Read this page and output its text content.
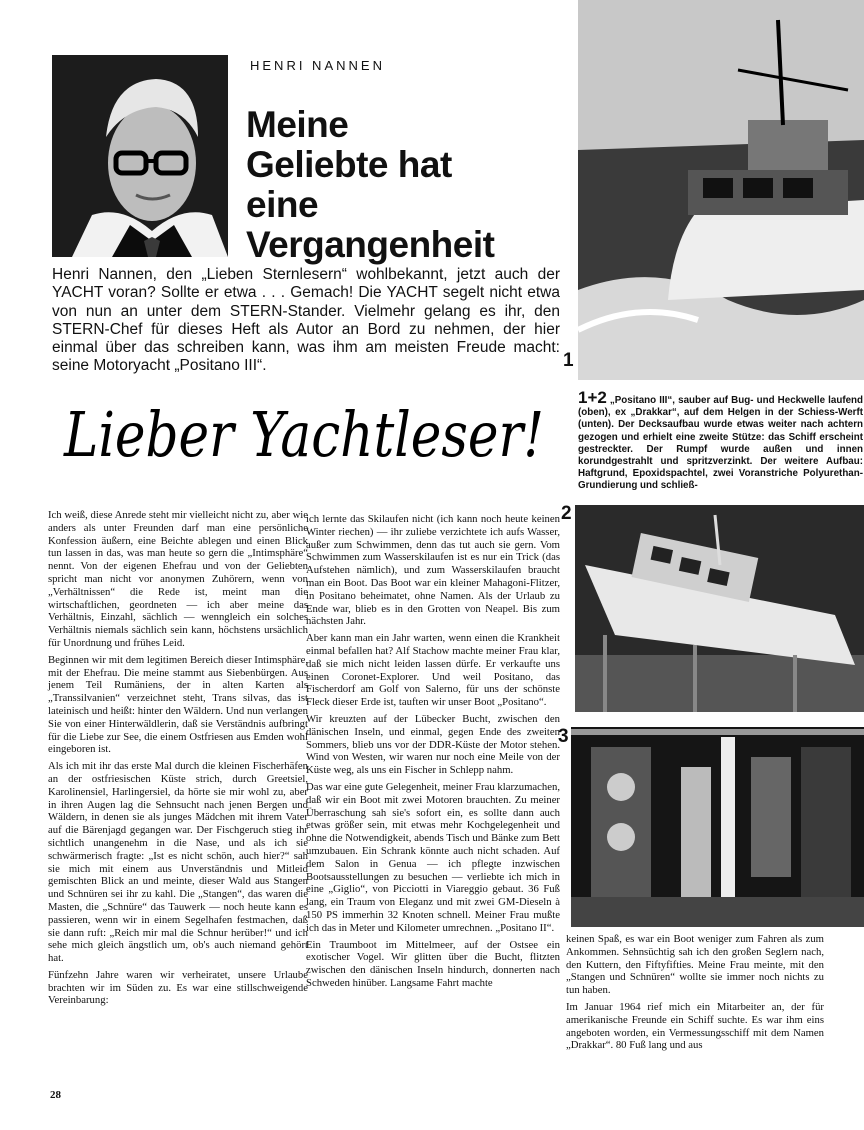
HENRI NANNEN
Meine
Geliebte hat
eine
Vergangenheit
Henri Nannen, den „Lieben Sternlesern“ wohlbekannt, jetzt auch der YACHT voran? Sollte er etwa . . . Gemach! Die YACHT segelt nicht etwa von nun an unter dem STERN-Stander. Vielmehr gelang es ihr, den STERN-Chef für dieses Heft als Autor an Bord zu nehmen, der hier einmal über das schreiben kann, was ihm am meisten Freude macht: seine Motoryacht „Positano III“.
Lieber Yachtleser!
1
1+2 „Positano III“, sauber auf Bug- und Heckwelle laufend (oben), ex „Drakkar“, auf dem Helgen in der Schiess-Werft (unten). Der Decksaufbau wurde etwas weiter nach achtern gezogen und erhielt eine zweite Stütze: das Schiff erscheint gestreckter. Der Rumpf wurde außen und innen korundgestrahlt und spritzverzinkt. Der weitere Aufbau: Haftgrund, Epoxidspachtel, zwei Voranstriche Polyurethan-Grundierung und schließ-
2
3

Ich weiß, diese Anrede steht mir vielleicht nicht zu, aber wie anders als unter Freunden darf man eine persönliche Konfession äußern, eine Beichte ablegen und einen Blick tun lassen in das, was man heute so gern die „Intimsphäre“ nennt. Von der eigenen Ehefrau und von der Geliebten spricht man nicht vor anonymen Zuhörern, wenn von „Verhältnissen“ die Rede ist, meint man die wirtschaftlichen, geordneten — ich aber meine das Verhältnis, Einzahl, sächlich — wenngleich ein solches Verhältnis niemals sächlich sein kann, höchstens ursächlich für Unordnung und frühes Leid.

Beginnen wir mit dem legitimen Bereich dieser Intimsphäre, mit der Ehefrau. Die meine stammt aus Siebenbürgen. Aus jenem Teil Rumäniens, der in alten Karten als „Transsilvanien“ verzeichnet steht, Trans silvas, das ist lateinisch und heißt: hinter den Wäldern. Und nun verlangen Sie von einer Hinterwäldlerin, daß sie Verständnis aufbringt für die Liebe zur See, die einem Ostfriesen aus Emden wohl eingeboren ist.

Als ich mit ihr das erste Mal durch die kleinen Fischerhäfen an der ostfriesischen Küste strich, durch Greetsiel, Karolinensiel, Harlingersiel, da hörte sie mir wohl zu, aber in ihren Augen lag die Sehnsucht nach jenen Bergen und Wäldern, in denen sie als junges Mädchen mit ihrem Vater auf die Bärenjagd gegangen war. Der Fischgeruch stieg ihr sichtlich unangenehm in die Nase, und als ich sie schwärmerisch fragte: „Ist es nicht schön, auch hier?“ sah sie mich mit einem aus Unverständnis und Mitleid gemischten Blick an und meinte, dieser Wald aus Stangen und Schnüren sei ihr zu kahl. Die „Stangen“, das waren die Masten, die „Schnüre“ das Tauwerk — noch heute kann es passieren, wenn wir in einem Segelhafen festmachen, daß sie dann ruft: „Reich mir mal die Schnur herüber!“ und ich sehe mich gleich ängstlich um, ob's auch niemand gehört hat.

Fünfzehn Jahre waren wir verheiratet, unsere Urlaube brachten wir im Süden zu. Es war eine stillschweigende Vereinbarung:

ich lernte das Skilaufen nicht (ich kann noch heute keinen Winter riechen) — ihr zuliebe verzichtete ich aufs Wasser, außer zum Schwimmen, denn das tut auch sie gern. Vom Schwimmen zum Wasserskilaufen ist es nur ein Trick (das Aufstehen nämlich), und zum Wasserskilaufen braucht man ein Boot. Das Boot war ein kleiner Mahagoni-Flitzer, in Positano beheimatet, ohne Namen. Als der Urlaub zu Ende war, blieb es in den Grotten von Neapel. Bis zum nächsten Jahr.

Aber kann man ein Jahr warten, wenn einen die Krankheit einmal befallen hat? Alf Stachow machte meiner Frau klar, daß sie mich nicht leiden lassen dürfe. Er verkaufte uns einen Coronet-Explorer. Und weil Positano, das Fischerdorf am Golf von Salerno, für uns der schönste Fleck dieser Erde ist, tauften wir unser Boot „Positano“.

Wir kreuzten auf der Lübecker Bucht, zwischen den dänischen Inseln, und einmal, gegen Ende des zweiten Sommers, blieb uns vor der DDR-Küste der Motor stehen. Wind von Westen, wir waren nur noch eine Meile von der Küste weg, als uns ein Fischer in Schlepp nahm.

Das war eine gute Gelegenheit, meiner Frau klarzumachen, daß wir ein Boot mit zwei Motoren brauchten. Zu meiner Überraschung sah sie's sofort ein, es sollte dann auch etwas größer sein, mit etwas mehr Kochgelegenheit und ohne die Notwendigkeit, abends Tisch und Bänke zum Bett umzubauen. Ein Schrank könnte auch nicht schaden. Auf dem Salon in Genua — ich pflegte inzwischen Bootsausstellungen zu besuchen — verliebte ich mich in eine „Giglio“, von Picciotti in Viareggio gebaut. 36 Fuß lang, ein Traum von Eleganz und mit zwei GM-Dieseln à 150 PS immerhin 32 Knoten schnell. Meiner Frau mußte ich das in Meter und Kilometer umrechnen. „Positano II“.

Ein Traumboot im Mittelmeer, auf der Ostsee ein exotischer Vogel. Wir glitten über die Bucht, flitzten zwischen den dänischen Inseln hindurch, donnerten nach Schweden hinüber. Langsame Fahrt machte

keinen Spaß, es war ein Boot weniger zum Fahren als zum Ankommen. Sehnsüchtig sah ich den großen Seglern nach, den Kuttern, den Fiftyfifties. Meine Frau meinte, mit den „Stangen und Schnüren“ wollte sie immer noch nichts zu tun haben.

Im Januar 1964 rief mich ein Mitarbeiter an, der für amerikanische Freunde ein Schiff suchte. Es war ihm eins angeboten worden, ein Vermessungsschiff mit dem Namen „Drakkar“. 80 Fuß lang und aus

28
